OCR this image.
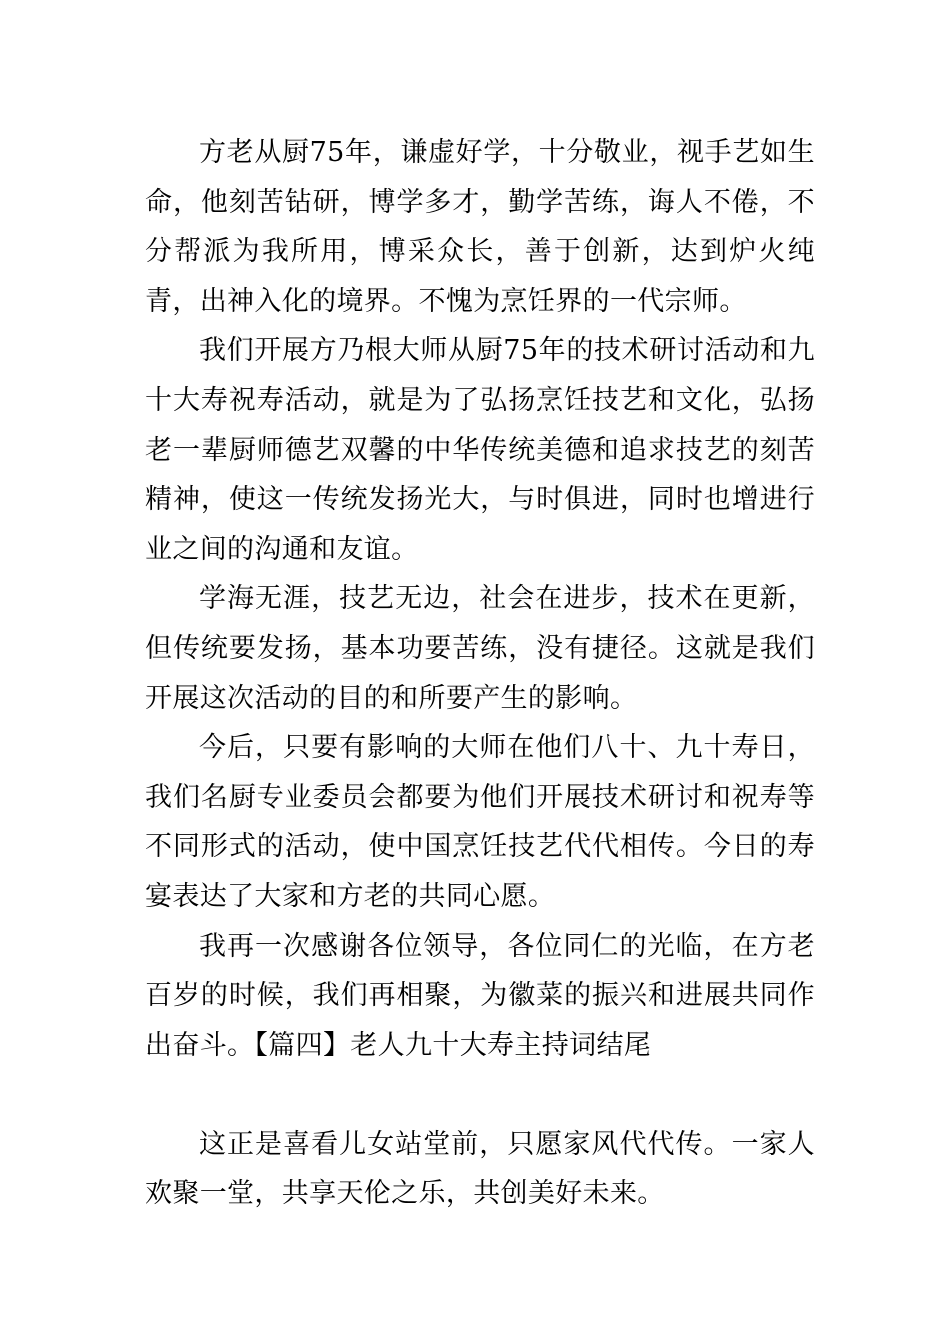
方老从厨75年，谦虚好学，十分敬业，视手艺如生命，他刻苦钻研，博学多才，勤学苦练，诲人不倦，不分帮派为我所用，博采众长，善于创新，达到炉火纯青，出神入化的境界。不愧为烹饪界的一代宗师。

我们开展方乃根大师从厨75年的技术研讨活动和九十大寿祝寿活动，就是为了弘扬烹饪技艺和文化，弘扬老一辈厨师德艺双馨的中华传统美德和追求技艺的刻苦精神，使这一传统发扬光大，与时俱进，同时也增进行业之间的沟通和友谊。

学海无涯，技艺无边，社会在进步，技术在更新，但传统要发扬，基本功要苦练，没有捷径。这就是我们开展这次活动的目的和所要产生的影响。

今后，只要有影响的大师在他们八十、九十寿日，我们名厨专业委员会都要为他们开展技术研讨和祝寿等不同形式的活动，使中国烹饪技艺代代相传。今日的寿宴表达了大家和方老的共同心愿。

我再一次感谢各位领导，各位同仁的光临，在方老百岁的时候，我们再相聚，为徽菜的振兴和进展共同作出奋斗。【篇四】老人九十大寿主持词结尾

这正是喜看儿女站堂前，只愿家风代代传。一家人欢聚一堂，共享天伦之乐，共创美好未来。
